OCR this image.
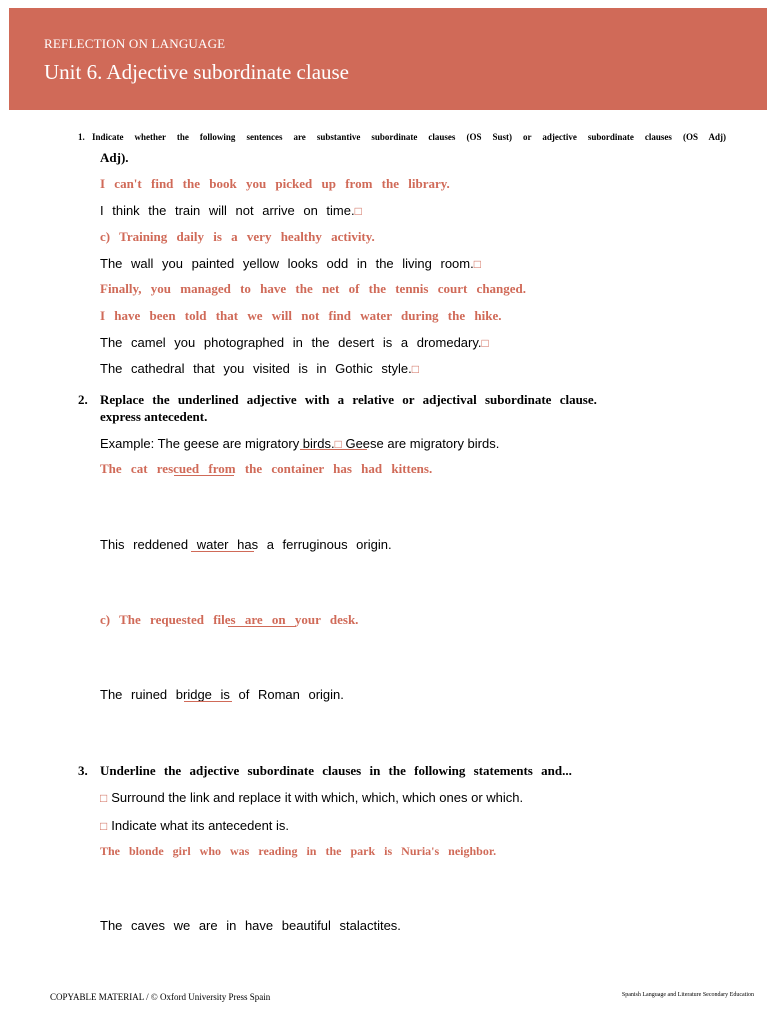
REFLECTION ON LANGUAGE
Unit 6. Adjective subordinate clause
1. Indicate whether the following sentences are substantive subordinate clauses (OS Sust) or adjective subordinate clauses (OS Adj)
Adj).
I can't find the book you picked up from the library.
I think the train will not arrive on time.□
c) Training daily is a very healthy activity.
The wall you painted yellow looks odd in the living room.□
Finally, you managed to have the net of the tennis court changed.
I have been told that we will not find water during the hike.
The camel you photographed in the desert is a dromedary.□
The cathedral that you visited is in Gothic style.□
2. Replace the underlined adjective with a relative or adjectival subordinate clause.
express antecedent.
Example: The geese are migratory birds.□ Geese are migratory birds.
The cat rescued from the container has had kittens.
This reddened water has a ferruginous origin.
c) The requested files are on your desk.
The ruined bridge is of Roman origin.
3. Underline the adjective subordinate clauses in the following statements and...
□ Surround the link and replace it with which, which, which ones or which.
□ Indicate what its antecedent is.
The blonde girl who was reading in the park is Nuria's neighbor.
The caves we are in have beautiful stalactites.
COPYABLE MATERIAL / © Oxford University Press Spain	Spanish Language and Literature Secondary Education
